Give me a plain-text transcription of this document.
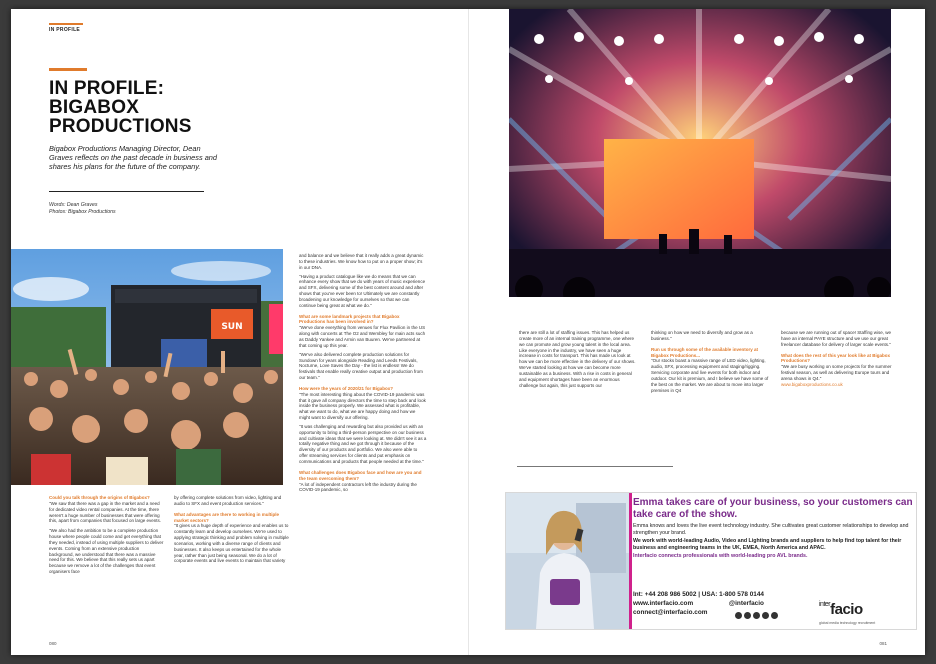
IN PROFILE
IN PROFILE: BIGABOX PRODUCTIONS
Bigabox Productions Managing Director, Dean Graves reflects on the past decade in business and shares his plans for the future of the company.
Words: Dean Graves
Photos: Bigabox Productions
SUN

Could you talk through the origins of Bigabox?

"We saw that there was a gap in the market and a need for dedicated video rental companies. At the time, there weren't a huge number of businesses that were offering this, apart from companies that focused on large events.

"We also had the ambition to be a complete production house where people could come and get everything that they needed, instead of using multiple suppliers to deliver events. Coming from an extensive production background, we understood that there was a massive need for this. We believe that this really sets us apart because we remove a lot of the challenges that event organisers face

by offering complete solutions from video, lighting and audio to SFX and event production services."

What advantages are there to working in multiple market sectors?

"It gives us a huge depth of experience and enables us to constantly learn and develop ourselves. We're used to applying strategic thinking and problem solving in multiple scenarios, working with a diverse range of clients and businesses. It also keeps us entertained for the whole year, rather than just being seasonal. We do a lot of corporate events and live events to maintain that variety

and balance and we believe that it really adds a great dynamic to these industries. We know how to put on a proper show; it's in our DNA.

"Having a product catalogue like we do means that we can enhance every show that we do with years of music experience and SFX, delivering some of the best content around and after shows that you've ever been to! Ultimately we are constantly broadening our knowledge for ourselves so that we can continue being great at what we do."

What are some landmark projects that Bigabox Productions has been involved in?

"We've done everything from venues for Flux Pavilion in the US along with concerts at The O2 and Wembley for main acts such as Daddy Yankee and Armin van Buuren. We've partnered at that coming up this year.

"We've also delivered complete production solutions for Sundown for years alongside Reading and Leeds Festivals, Nocturne, Love Saves the Day - the list is endless! We do festivals that enable really creative output and production from our team."

How were the years of 2020/21 for Bigabox?

"The most interesting thing about the COVID-19 pandemic was that it gave all company directors the time to step back and look inside the business properly. We assessed what is profitable, what we want to do, what we are happy doing and how we might want to diversify our offering.

"It was challenging and rewarding but also provided us with an opportunity to bring a third-person perspective on our business and cultivate ideas that we were looking at. We didn't see it as a totally negative thing and we got through it because of the diversity of our products and portfolio. We also were able to offer streaming services for clients and put emphasis on communications and products that people needed at the time."

What challenges does Bigabox face and how are you and the team overcoming them?

"A lot of independent contractors left the industry during the COVID-19 pandemic, so

080

there are still a lot of staffing issues. This has helped us create more of an internal training programme, one where we can promote and grow young talent in the local area. Like everyone in the industry, we have seen a huge increase in costs for transport. This has made us look at how we can be more effective in the delivery of our shows. We've started looking at how we can become more sustainable as a business. With a rise in costs in general and equipment shortages have been an enormous challenge but again, this just supports our

thinking on how we need to diversify and grow as a business."

Run us through some of the available inventory at Bigabox Productions...

"Our stocks boast a massive range of LED video, lighting, audio, SFX, processing equipment and staging/rigging. Servicing corporate and live events for both indoor and outdoor. Our kit is premium, and I believe we have some of the best on the market. We are about to move into larger premises in Q4

because we are running out of space! Staffing wise, we have an internal PAYE structure and we use our great freelancer database for delivery of larger scale events."

What does the rest of this year look like at Bigabox Productions?

"We are busy working on some projects for the summer festival season, as well as delivering Europe tours and arena shows in Q4."

www.bigaboxproductions.co.uk

Emma takes care of your business, so your customers can take care of the show.
Emma knows and loves the live event technology industry. She cultivates great customer relationships to develop and strengthen your brand.
We work with world-leading Audio, Video and Lighting brands and suppliers to help find top talent for their business and engineering teams in the UK, EMEA, North America and APAC.
Interfacio connects professionals with world-leading pro AVL brands.
Int: +44 208 986 5002 | USA: 1-800 578 0144
www.interfacio.com	@interfacio
connect@interfacio.com
$^{inter}$facio
global media technology recruitment
081
